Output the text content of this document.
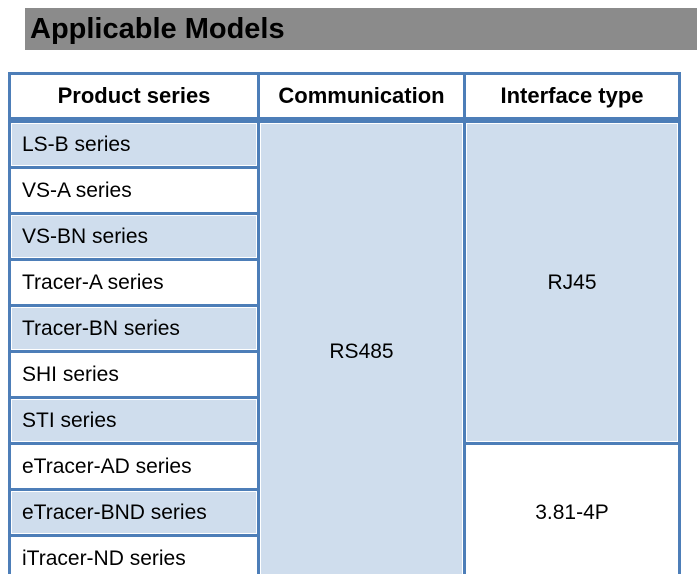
Applicable Models
Product series	Communication	Interface type
LS-B series	RS485	RJ45
VS-A series		
VS-BN series		
Tracer-A series		
Tracer-BN series		
SHI series		
STI series		
eTracer-AD series		3.81-4P
eTracer-BND series		
iTracer-ND series		
